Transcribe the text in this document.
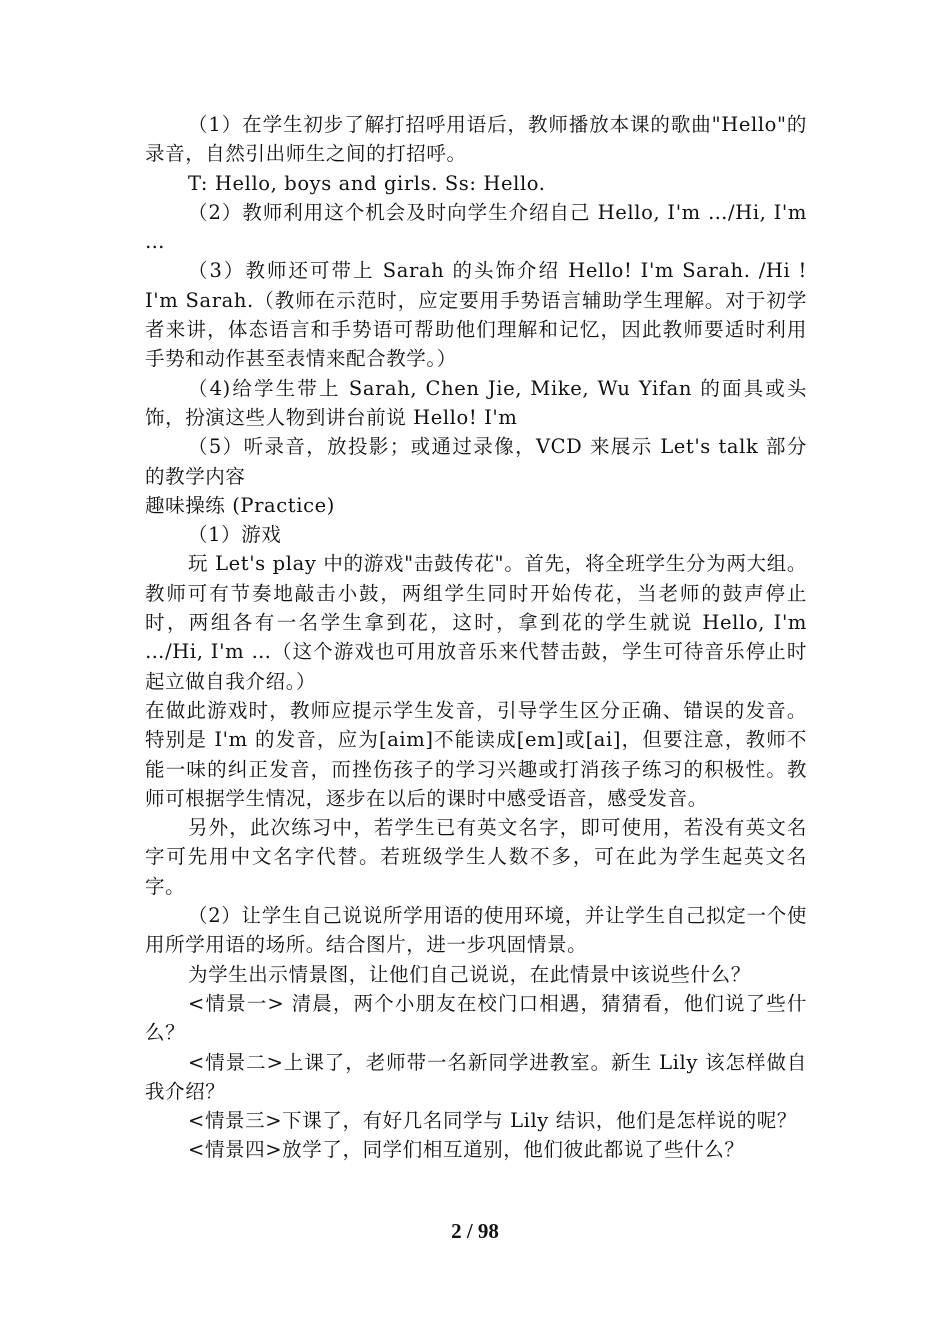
（1）在学生初步了解打招呼用语后，教师播放本课的歌曲"Hello"的录音，自然引出师生之间的打招呼。

T: Hello, boys and girls. Ss: Hello.

（2）教师利用这个机会及时向学生介绍自己 Hello, I'm …/Hi, I'm …

（3）教师还可带上 Sarah 的头饰介绍 Hello! I'm Sarah. /Hi ! I'm Sarah.（教师在示范时，应定要用手势语言辅助学生理解。对于初学者来讲，体态语言和手势语可帮助他们理解和记忆，因此教师要适时利用手势和动作甚至表情来配合教学。）

（4)给学生带上 Sarah, Chen Jie, Mike, Wu Yifan 的面具或头饰，扮演这些人物到讲台前说 Hello! I'm

（5）听录音，放投影；或通过录像，VCD 来展示 Let's talk 部分的教学内容

趣味操练 (Practice)

（1）游戏

玩 Let's play 中的游戏"击鼓传花"。首先，将全班学生分为两大组。教师可有节奏地敲击小鼓，两组学生同时开始传花，当老师的鼓声停止时，两组各有一名学生拿到花，这时，拿到花的学生就说 Hello, I'm …/Hi, I'm …（这个游戏也可用放音乐来代替击鼓，学生可待音乐停止时起立做自我介绍。）

在做此游戏时，教师应提示学生发音，引导学生区分正确、错误的发音。特别是 I'm 的发音，应为[aim]不能读成[em]或[ai]，但要注意，教师不能一味的纠正发音，而挫伤孩子的学习兴趣或打消孩子练习的积极性。教师可根据学生情况，逐步在以后的课时中感受语音，感受发音。

另外，此次练习中，若学生已有英文名字，即可使用，若没有英文名字可先用中文名字代替。若班级学生人数不多，可在此为学生起英文名字。

（2）让学生自己说说所学用语的使用环境，并让学生自己拟定一个使用所学用语的场所。结合图片，进一步巩固情景。

为学生出示情景图，让他们自己说说，在此情景中该说些什么？

<情景一> 清晨，两个小朋友在校门口相遇，猜猜看，他们说了些什么？

<情景二>上课了，老师带一名新同学进教室。新生 Lily 该怎样做自我介绍？

<情景三>下课了，有好几名同学与 Lily 结识，他们是怎样说的呢？

<情景四>放学了，同学们相互道别，他们彼此都说了些什么？

2 / 98
